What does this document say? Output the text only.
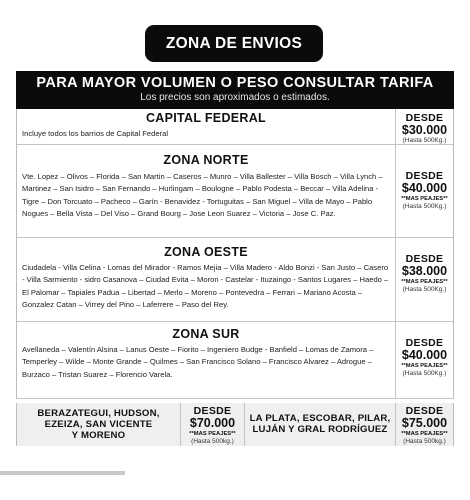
ZONA DE ENVIOS
PARA MAYOR VOLUMEN O PESO CONSULTAR TARIFA
Los precios son aproximados o estimados.
CAPITAL FEDERAL
Incluye todos los barrios de Capital Federal
DESDE
$30.000
(Hasta 500Kg.)
ZONA NORTE
Vte. Lopez – Olivos – Florida – San Martin – Caseros – Munro – Villa Ballester – Villa Bosch – Villa Lynch – Martinez – San Isidro – San Fernando – Hurlingam – Boulogne – Pablo Podesta – Beccar – Villa Adelina - Tigre – Don Torcuato – Pacheco – Garín - Benavidez - Tortuguitas – San Miguel – Villa de Mayo – Pablo Nogues – Bella Vista – Del Viso – Grand Bourg – Jose Leon Suarez – Victoria – Jose C. Paz.
DESDE
$40.000
**MAS PEAJES**
(Hasta 500Kg.)
ZONA OESTE
Ciudadela - Villa Celina - Lomas del Mirador - Ramos Mejia – Villa Madero - Aldo Bonzi - San Justo – Casero - Villa Sarmiento - sidro Casanova – Ciudad Evita – Moron - Castelar - Ituzaingo - Santos Lugares – Haedo – El Palomar – Tapiales Padua – Libertad – Merlo – Moreno – Pontevedra – Ferrari – Mariano Acosta – Gonzalez Catan – Virrey del Pino – Laferrere – Paso del Rey.
DESDE
$38.000
**MAS PEAJES**
(Hasta 500Kg.)
ZONA SUR
Avellaneda – Valentín Alsina – Lanus Oeste – Fiorito – Ingeniero Budge - Banfield – Lomas de Zamora – Temperley – Wilde – Monte Grande – Quilmes – San Francisco Solano – Francisco Alvarez – Adrogue – Burzaco – Tristan Suarez – Florencio Varela.
DESDE
$40.000
**MAS PEAJES**
(Hasta 500Kg.)
BERAZATEGUI, HUDSON,
EZEIZA, SAN VICENTE
Y MORENO
DESDE
$70.000
**MAS PEAJES**
(Hasta 500kg.)
LA PLATA, ESCOBAR, PILAR,
LUJÁN Y GRAL RODRÍGUEZ
DESDE
$75.000
**MAS PEAJES**
(Hasta 500kg.)
